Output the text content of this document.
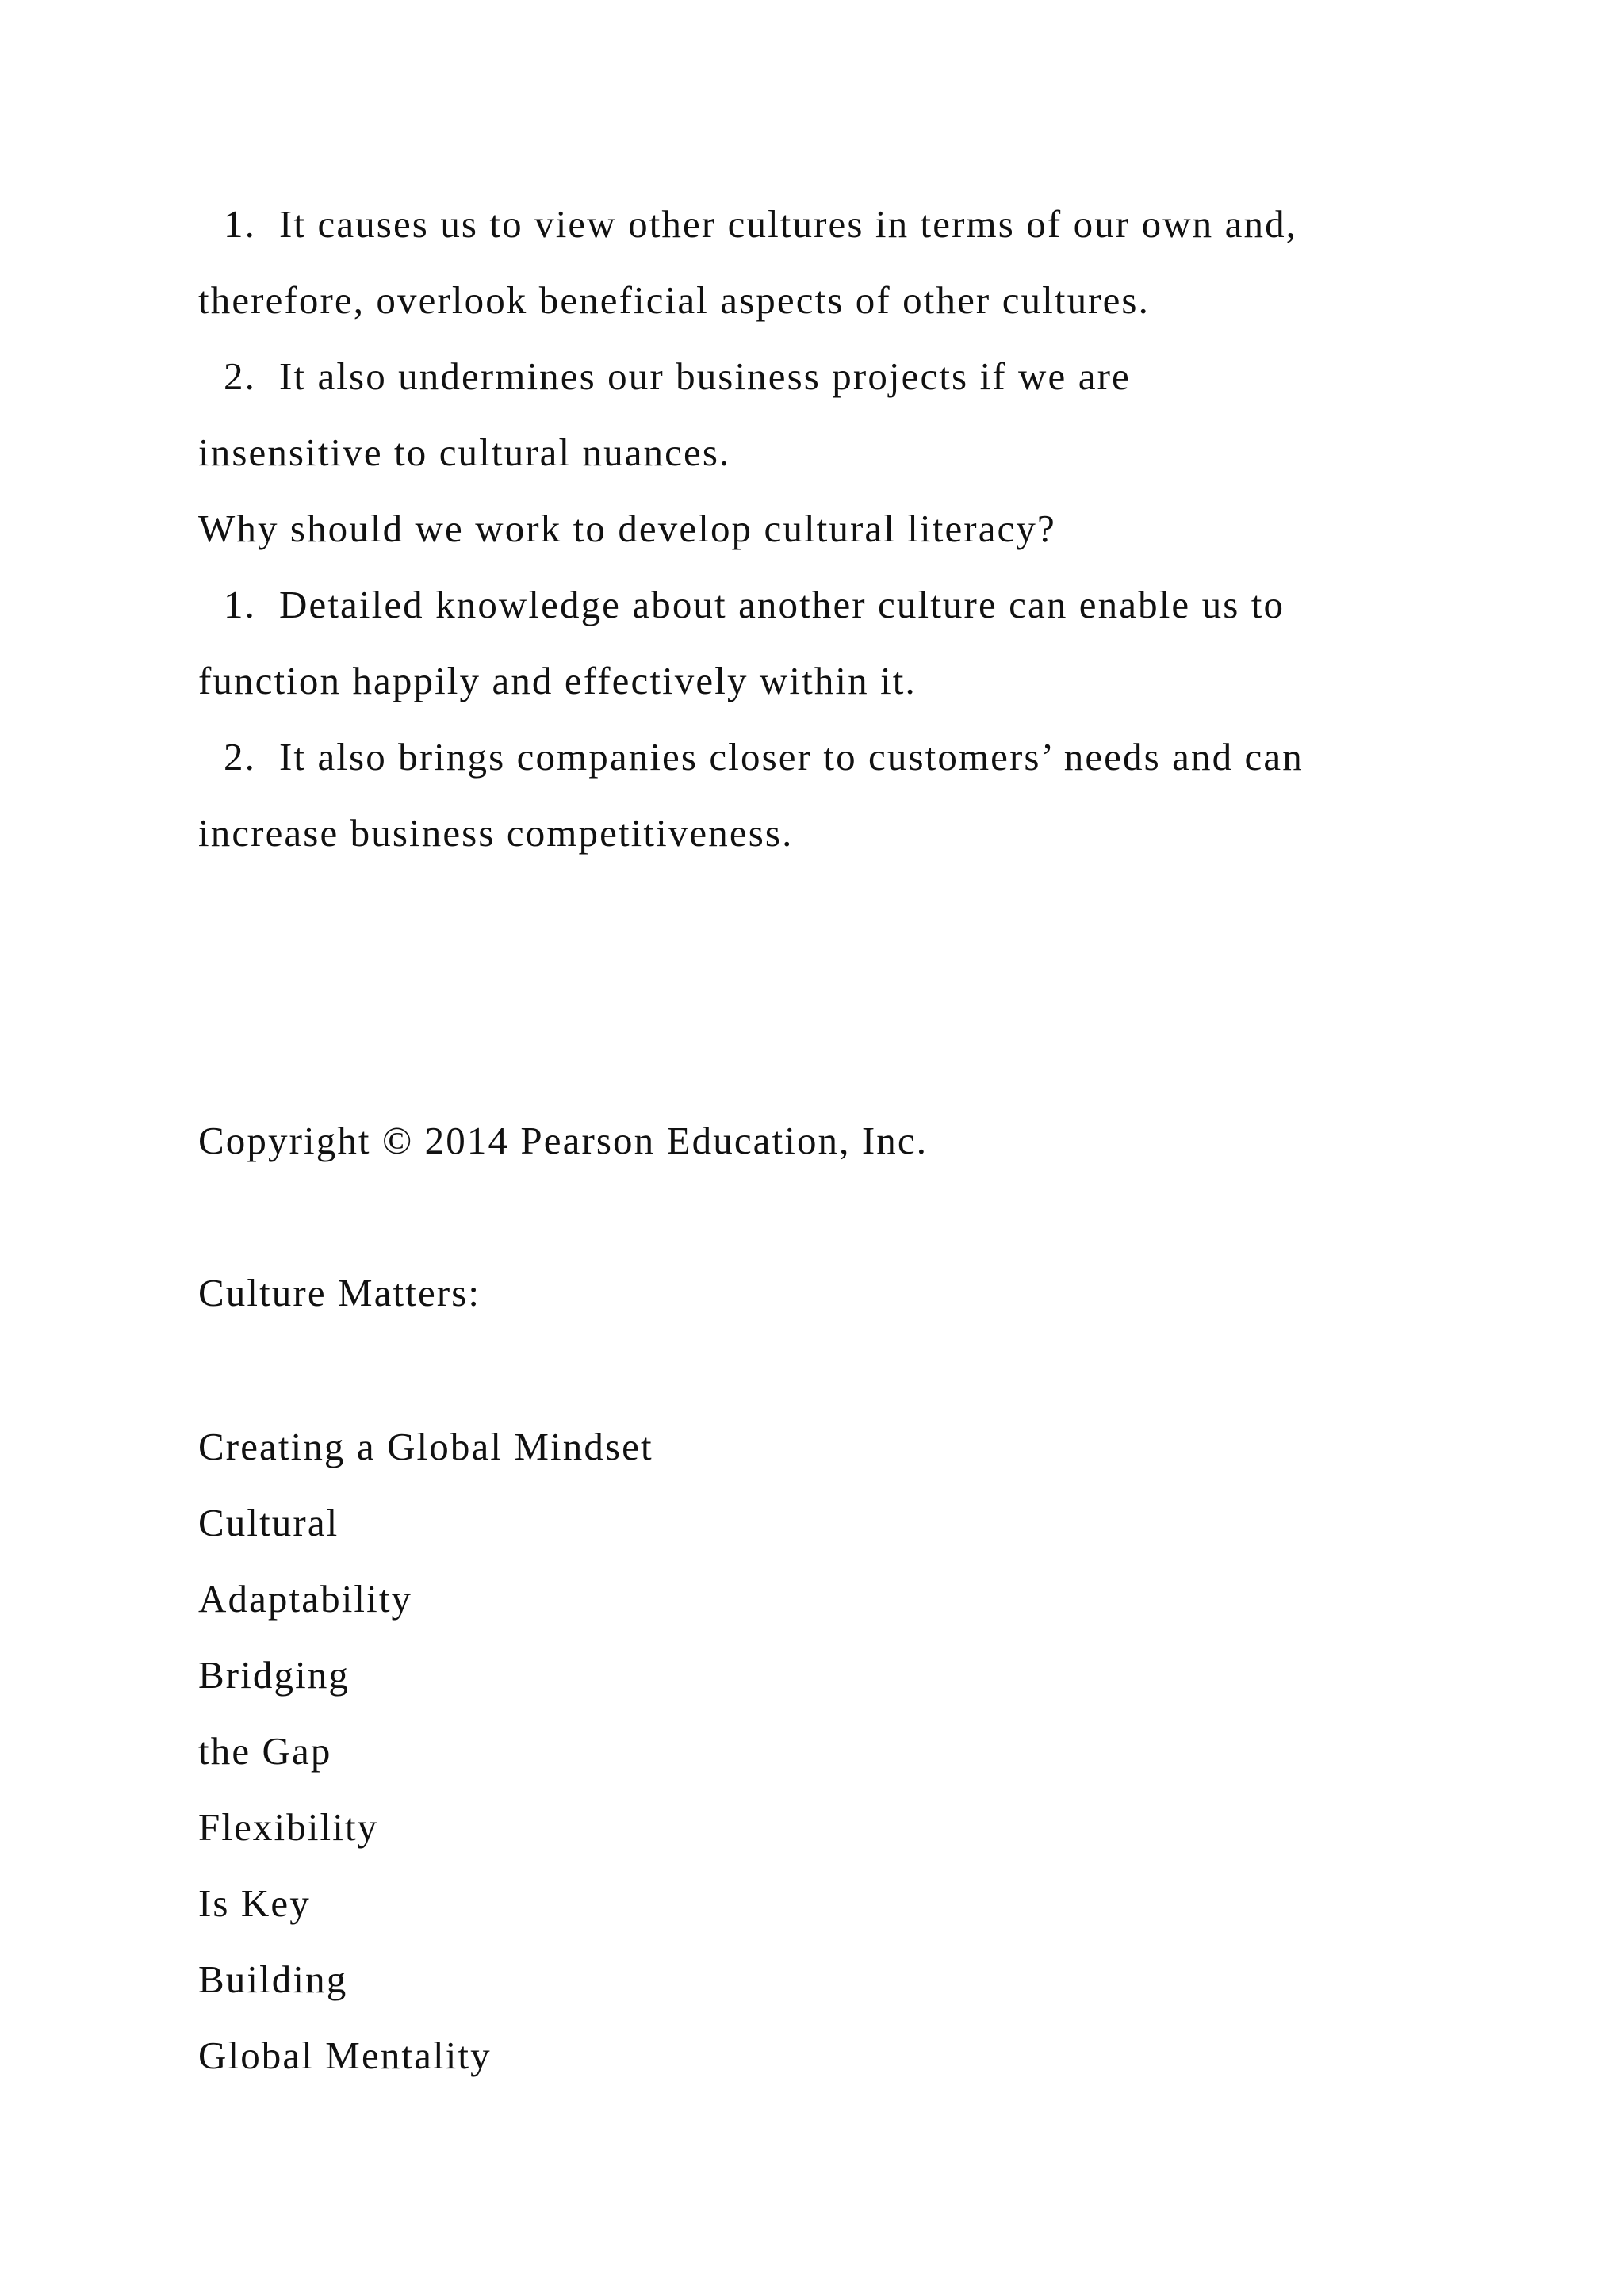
1. It causes us to view other cultures in terms of our own and,

therefore, overlook beneficial aspects of other cultures.

2. It also undermines our business projects if we are

insensitive to cultural nuances.

Why should we work to develop cultural literacy?

1. Detailed knowledge about another culture can enable us to

function happily and effectively within it.

2. It also brings companies closer to customers’ needs and can

increase business competitiveness.

Copyright © 2014 Pearson Education, Inc.

Culture Matters:

Creating a Global Mindset

Cultural

Adaptability

Bridging

the Gap

Flexibility

Is Key

Building

Global Mentality
